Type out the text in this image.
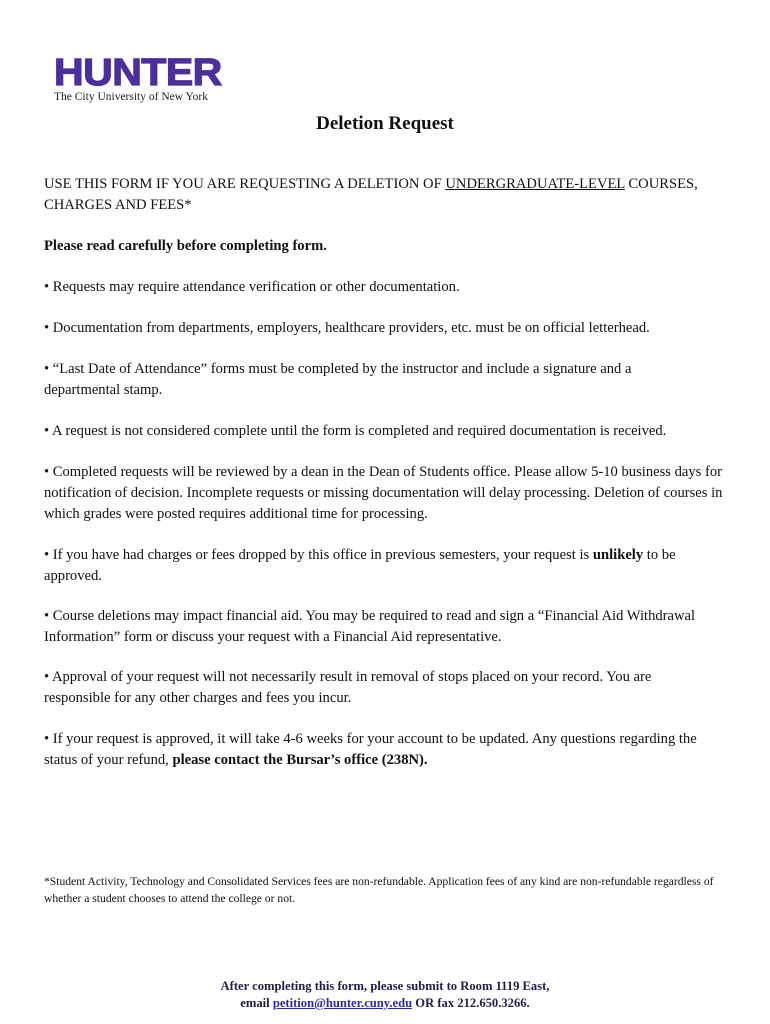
HUNTER
The City University of New York
Deletion Request
USE THIS FORM IF YOU ARE REQUESTING A DELETION OF UNDERGRADUATE-LEVEL COURSES, CHARGES AND FEES*
Please read carefully before completing form.
• Requests may require attendance verification or other documentation.
• Documentation from departments, employers, healthcare providers, etc. must be on official letterhead.
• “Last Date of Attendance” forms must be completed by the instructor and include a signature and a departmental stamp.
• A request is not considered complete until the form is completed and required documentation is received.
• Completed requests will be reviewed by a dean in the Dean of Students office. Please allow 5-10 business days for notification of decision. Incomplete requests or missing documentation will delay processing. Deletion of courses in which grades were posted requires additional time for processing.
• If you have had charges or fees dropped by this office in previous semesters, your request is unlikely to be approved.
• Course deletions may impact financial aid. You may be required to read and sign a “Financial Aid Withdrawal Information” form or discuss your request with a Financial Aid representative.
• Approval of your request will not necessarily result in removal of stops placed on your record. You are responsible for any other charges and fees you incur.
• If your request is approved, it will take 4-6 weeks for your account to be updated. Any questions regarding the status of your refund, please contact the Bursar’s office (238N).
*Student Activity, Technology and Consolidated Services fees are non-refundable. Application fees of any kind are non-refundable regardless of whether a student chooses to attend the college or not.
After completing this form, please submit to Room 1119 East,
email petition@hunter.cuny.edu OR fax 212.650.3266.
